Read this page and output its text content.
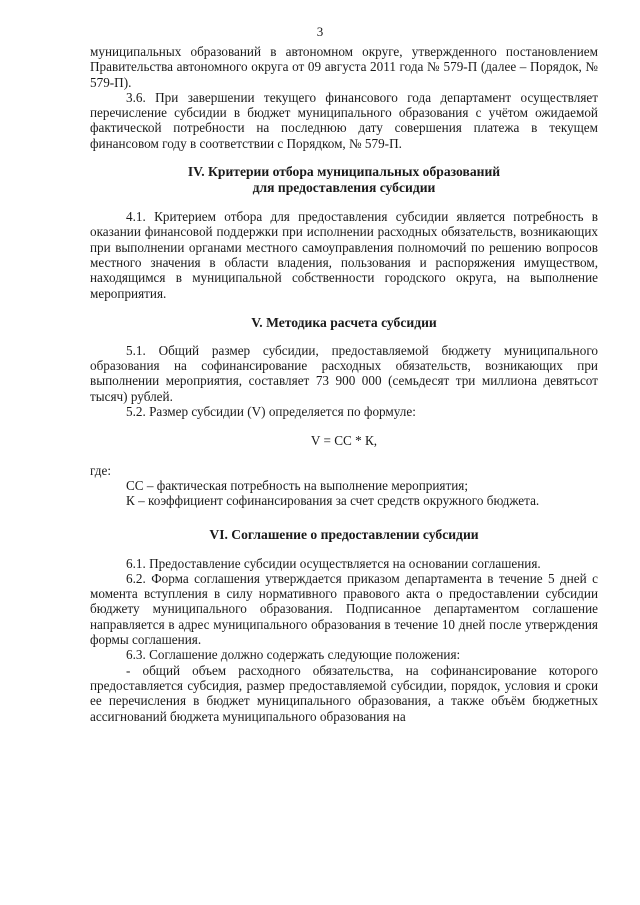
3

муниципальных образований в автономном округе, утвержденного постановлением Правительства автономного округа от 09 августа 2011 года № 579-П (далее – Порядок, № 579-П).

3.6. При завершении текущего финансового года департамент осуществляет перечисление субсидии в бюджет муниципального образования с учётом ожидаемой фактической потребности на последнюю дату совершения платежа в текущем финансовом году в соответствии с Порядком, № 579-П.

IV. Критерии отбора муниципальных образований
для предоставления субсидии

4.1. Критерием отбора для предоставления субсидии является потребность в оказании финансовой поддержки при исполнении расходных обязательств, возникающих при выполнении органами местного самоуправления полномочий по решению вопросов местного значения в области владения, пользования и распоряжения имуществом, находящимся в муниципальной собственности городского округа, на выполнение мероприятия.

V. Методика расчета субсидии

5.1. Общий размер субсидии, предоставляемой бюджету муниципального образования на софинансирование расходных обязательств, возникающих при выполнении мероприятия, составляет 73 900 000 (семьдесят три миллиона девятьсот тысяч) рублей.

5.2. Размер субсидии (V) определяется по формуле:

V = СС * К,

где:

СС – фактическая потребность на выполнение мероприятия;

К – коэффициент софинансирования за счет средств окружного бюджета.

VI. Соглашение о предоставлении субсидии

6.1. Предоставление субсидии осуществляется на основании соглашения.

6.2. Форма соглашения утверждается приказом департамента в течение 5 дней с момента вступления в силу нормативного правового акта о предоставлении субсидии бюджету муниципального образования. Подписанное департаментом соглашение направляется в адрес муниципального образования в течение 10 дней после утверждения формы соглашения.

6.3. Соглашение должно содержать следующие положения:

- общий объем расходного обязательства, на софинансирование которого предоставляется субсидия, размер предоставляемой субсидии, порядок, условия и сроки ее перечисления в бюджет муниципального образования, а также объём бюджетных ассигнований бюджета муниципального образования на
